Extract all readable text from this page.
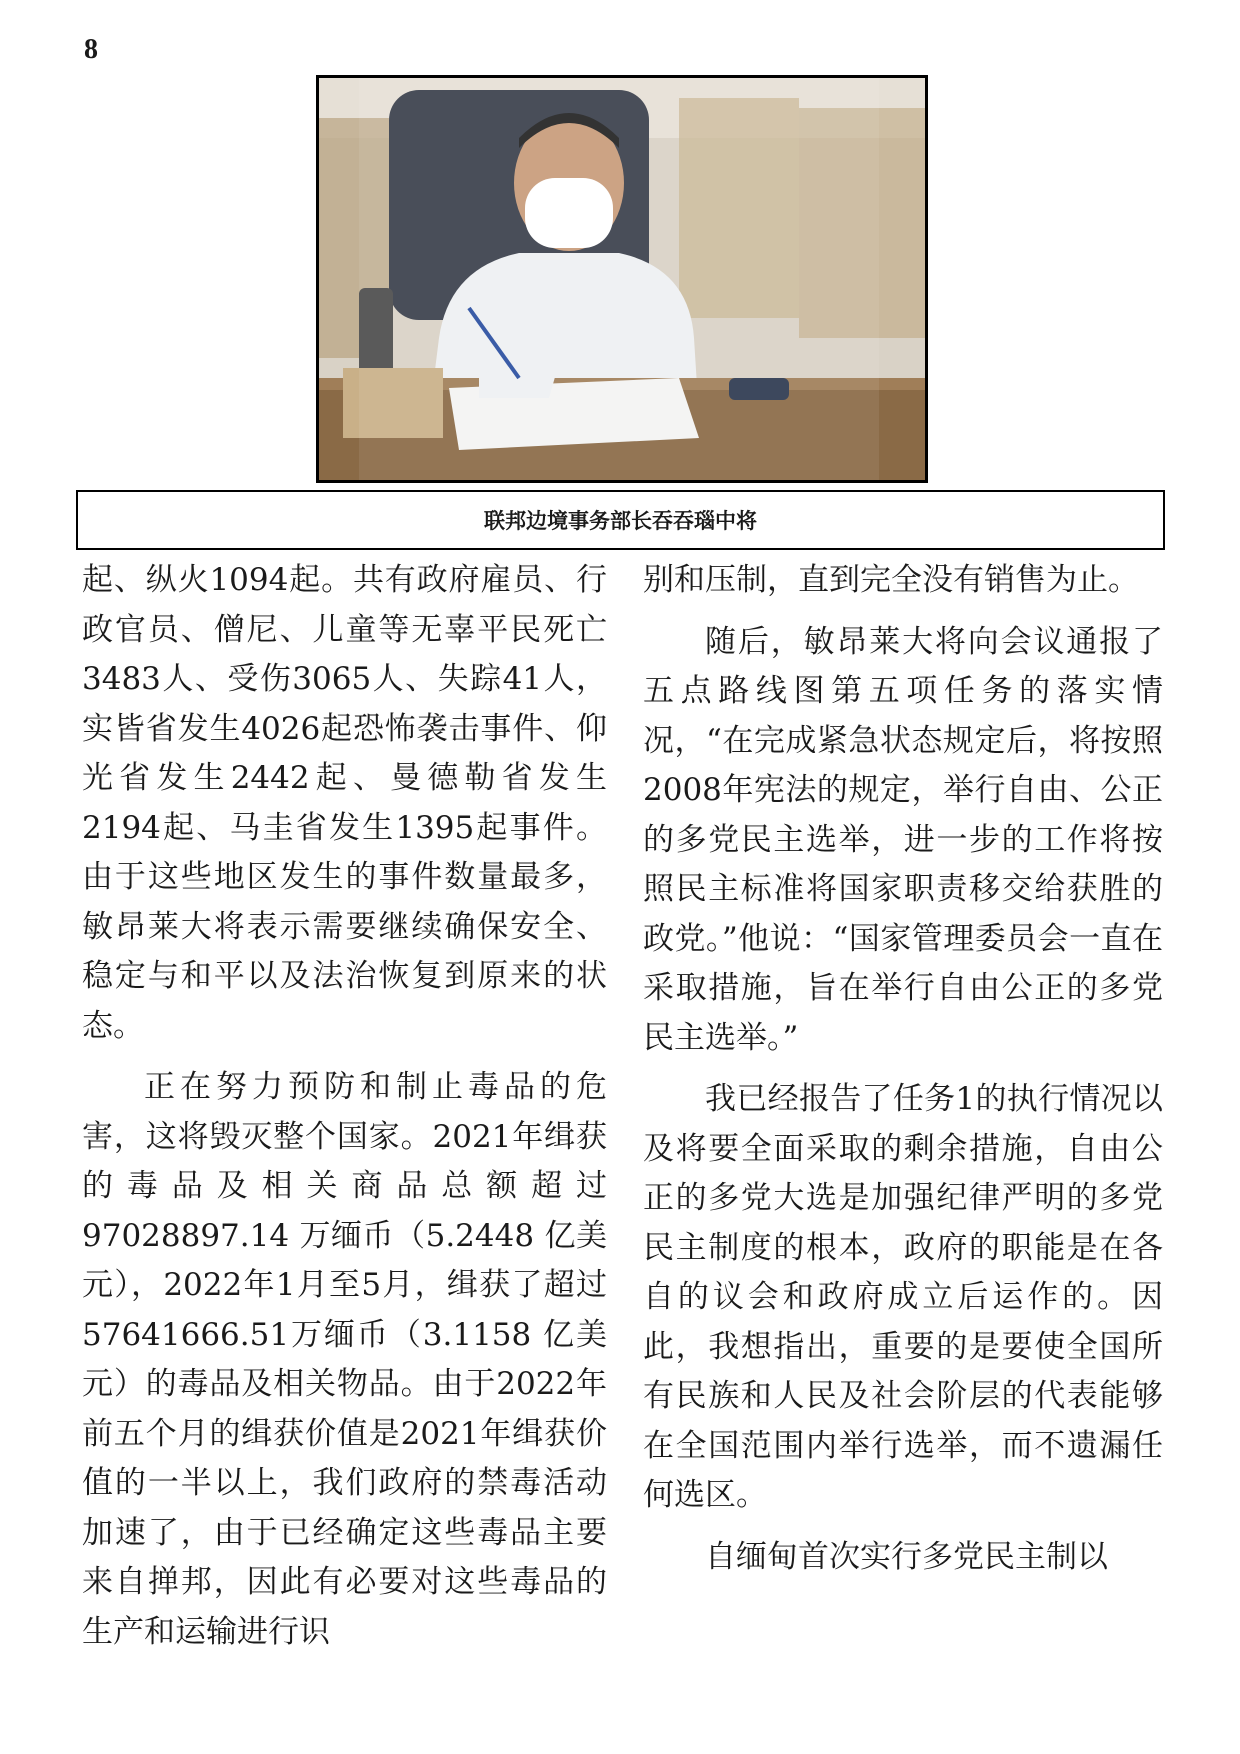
8
联邦边境事务部长吞吞瑙中将

起、纵火1094起。共有政府雇员、行政官员、僧尼、儿童等无辜平民死亡3483人、受伤3065人、失踪41人，实皆省发生4026起恐怖袭击事件、仰光省发生2442起、曼德勒省发生2194起、马圭省发生1395起事件。由于这些地区发生的事件数量最多，敏昂莱大将表示需要继续确保安全、稳定与和平以及法治恢复到原来的状态。

正在努力预防和制止毒品的危害，这将毁灭整个国家。2021年缉获的毒品及相关商品总额超过97028897.14 万缅币（5.2448 亿美元），2022年1月至5月，缉获了超过57641666.51万缅币（3.1158 亿美元）的毒品及相关物品。由于2022年前五个月的缉获价值是2021年缉获价值的一半以上，我们政府的禁毒活动加速了，由于已经确定这些毒品主要来自掸邦，因此有必要对这些毒品的生产和运输进行识

别和压制，直到完全没有销售为止。

随后，敏昂莱大将向会议通报了五点路线图第五项任务的落实情况，“在完成紧急状态规定后，将按照2008年宪法的规定，举行自由、公正的多党民主选举，进一步的工作将按照民主标准将国家职责移交给获胜的政党。”他说：“国家管理委员会一直在采取措施，旨在举行自由公正的多党民主选举。”

我已经报告了任务1的执行情况以及将要全面采取的剩余措施，自由公正的多党大选是加强纪律严明的多党民主制度的根本，政府的职能是在各自的议会和政府成立后运作的。因此，我想指出，重要的是要使全国所有民族和人民及社会阶层的代表能够在全国范围内举行选举，而不遗漏任何选区。

自缅甸首次实行多党民主制以
